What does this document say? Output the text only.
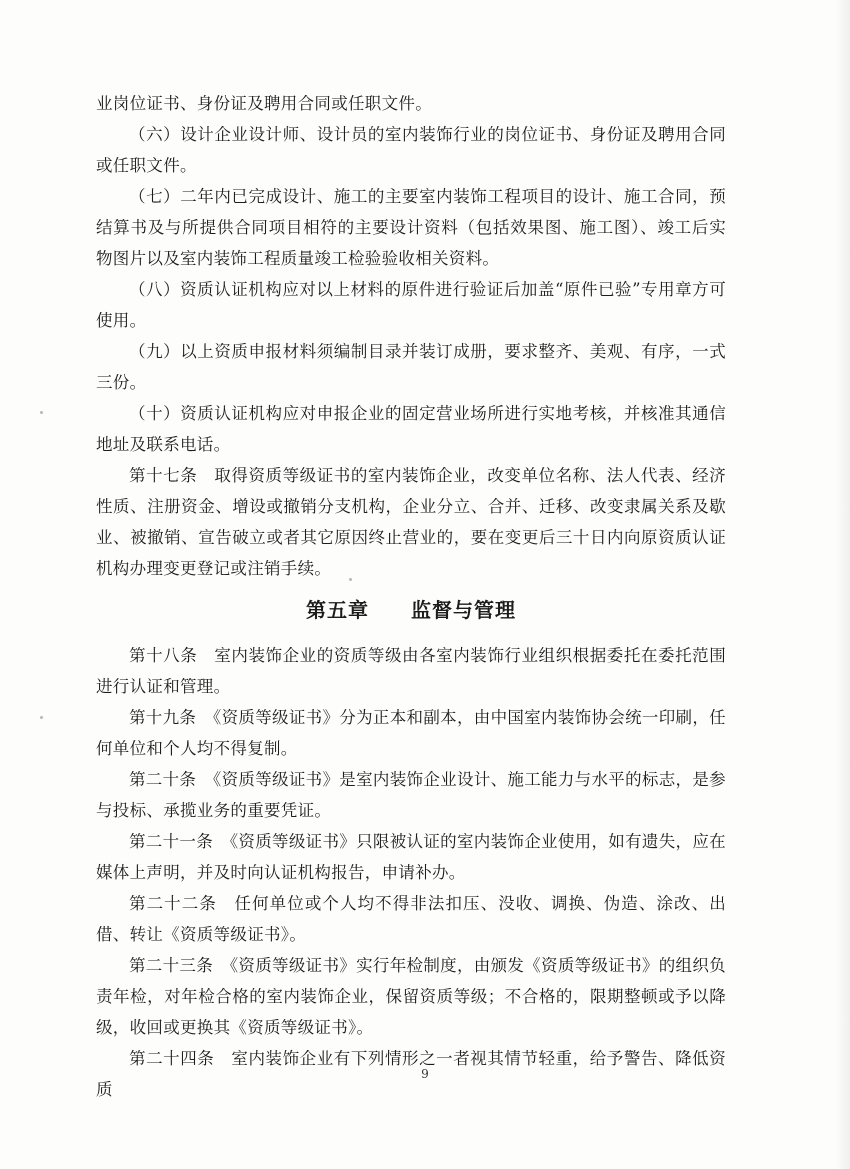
业岗位证书、身份证及聘用合同或任职文件。

（六）设计企业设计师、设计员的室内装饰行业的岗位证书、身份证及聘用合同或任职文件。

（七）二年内已完成设计、施工的主要室内装饰工程项目的设计、施工合同，预结算书及与所提供合同项目相符的主要设计资料（包括效果图、施工图）、竣工后实物图片以及室内装饰工程质量竣工检验验收相关资料。

（八）资质认证机构应对以上材料的原件进行验证后加盖“原件已验”专用章方可使用。

（九）以上资质申报材料须编制目录并装订成册，要求整齐、美观、有序，一式三份。

（十）资质认证机构应对申报企业的固定营业场所进行实地考核，并核准其通信地址及联系电话。

第十七条　取得资质等级证书的室内装饰企业，改变单位名称、法人代表、经济性质、注册资金、增设或撤销分支机构，企业分立、合并、迁移、改变隶属关系及歇业、被撤销、宣告破立或者其它原因终止营业的，要在变更后三十日内向原资质认证机构办理变更登记或注销手续。

第五章　　监督与管理

第十八条　室内装饰企业的资质等级由各室内装饰行业组织根据委托在委托范围进行认证和管理。

第十九条　《资质等级证书》分为正本和副本，由中国室内装饰协会统一印刷，任何单位和个人均不得复制。

第二十条　《资质等级证书》是室内装饰企业设计、施工能力与水平的标志，是参与投标、承揽业务的重要凭证。

第二十一条　《资质等级证书》只限被认证的室内装饰企业使用，如有遗失，应在媒体上声明，并及时向认证机构报告，申请补办。

第二十二条　任何单位或个人均不得非法扣压、没收、调换、伪造、涂改、出借、转让《资质等级证书》。

第二十三条　《资质等级证书》实行年检制度，由颁发《资质等级证书》的组织负责年检，对年检合格的室内装饰企业，保留资质等级；不合格的，限期整顿或予以降级，收回或更换其《资质等级证书》。

第二十四条　室内装饰企业有下列情形之一者视其情节轻重，给予警告、降低资质

9
